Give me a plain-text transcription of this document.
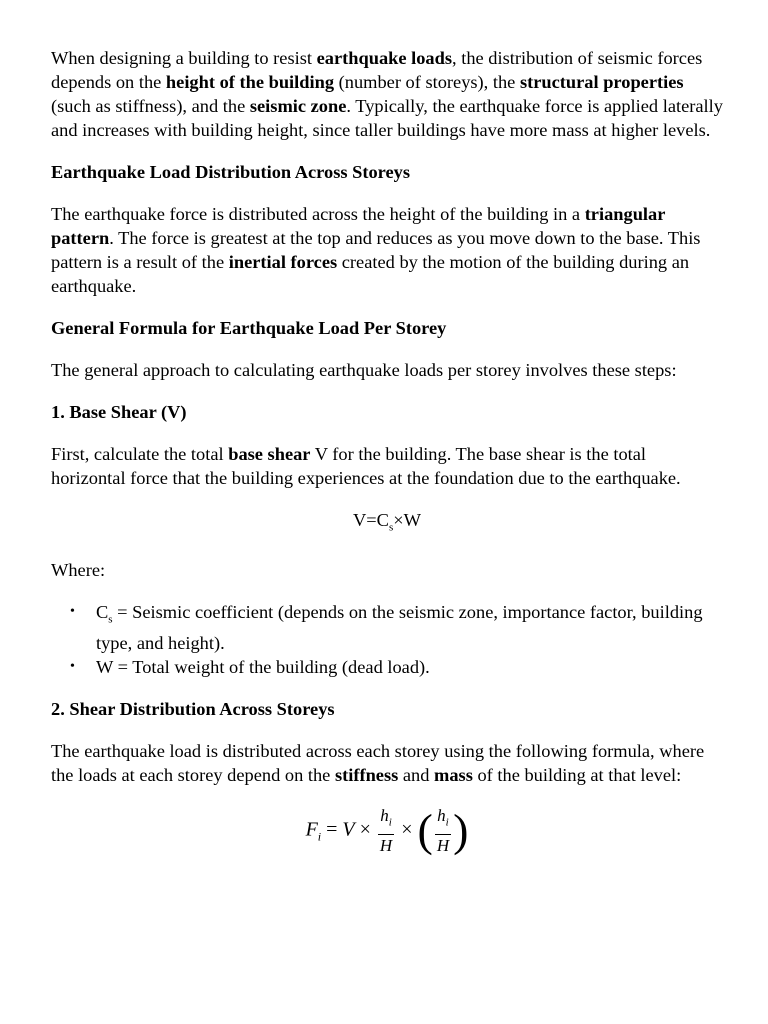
When designing a building to resist earthquake loads, the distribution of seismic forces depends on the height of the building (number of storeys), the structural properties (such as stiffness), and the seismic zone. Typically, the earthquake force is applied laterally and increases with building height, since taller buildings have more mass at higher levels.

Earthquake Load Distribution Across Storeys

The earthquake force is distributed across the height of the building in a triangular pattern. The force is greatest at the top and reduces as you move down to the base. This pattern is a result of the inertial forces created by the motion of the building during an earthquake.

General Formula for Earthquake Load Per Storey

The general approach to calculating earthquake loads per storey involves these steps:

1. Base Shear (V)

First, calculate the total base shear V for the building. The base shear is the total horizontal force that the building experiences at the foundation due to the earthquake.

$V=C_s\times W$

Where:

• $C_s$ = Seismic coefficient (depends on the seismic zone, importance factor, building type, and height).
• W = Total weight of the building (dead load).
2. Shear Distribution Across Storeys

The earthquake load is distributed across each storey using the following formula, where the loads at each storey depend on the stiffness and mass of the building at that level:

$F_i = V \times \frac{h_i}{H}$ × ( $\frac{h_i}{H}$ )
